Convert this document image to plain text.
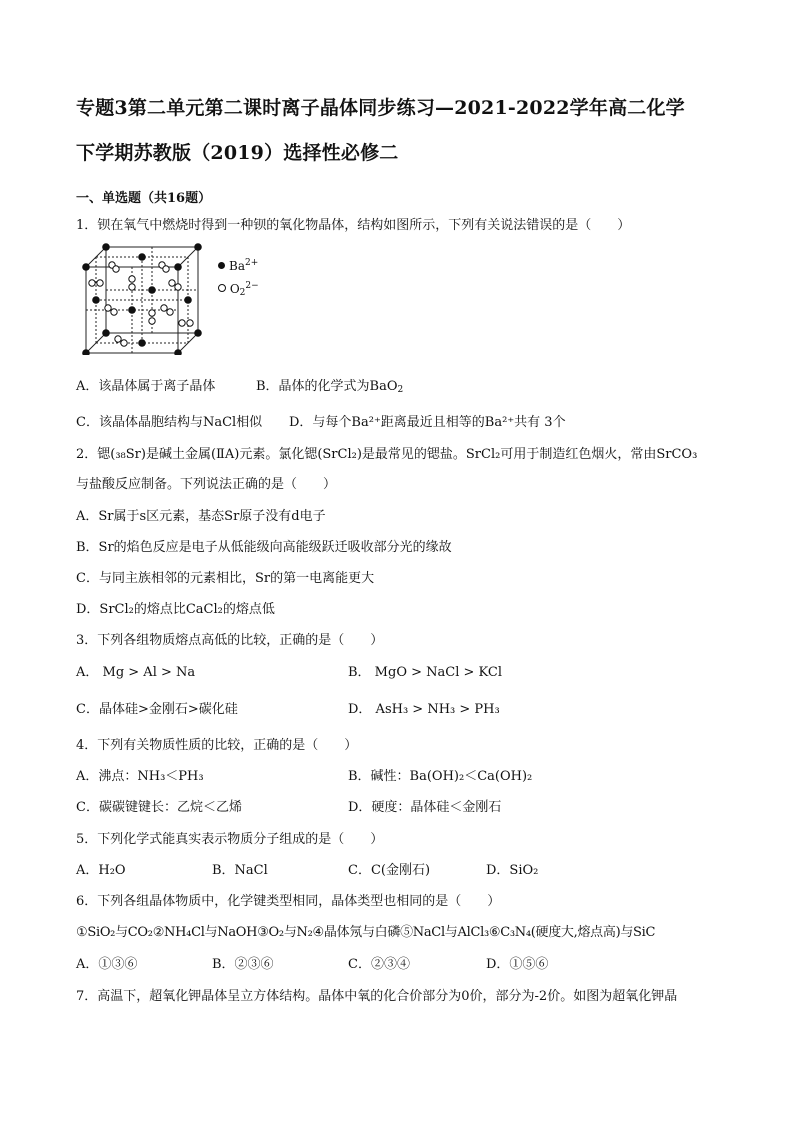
专题3第二单元第二课时离子晶体同步练习—2021-2022学年高二化学
下学期苏教版（2019）选择性必修二
一、单选题（共16题）
1．钡在氧气中燃烧时得到一种钡的氧化物晶体，结构如图所示，下列有关说法错误的是（　　）
$Ba^{2+}$
$O_2^{2-}$
A．该晶体属于离子晶体	B．晶体的化学式为BaO$_2$
C．该晶体晶胞结构与NaCl相似 D．与每个Ba²⁺距离最近且相等的Ba²⁺共有 3个
2．锶(₃₈Sr)是碱土金属(ⅡA)元素。氯化锶(SrCl₂)是最常见的锶盐。SrCl₂可用于制造红色烟火，常由SrCO₃
与盐酸反应制备。下列说法正确的是（　　）
A．Sr属于s区元素，基态Sr原子没有d电子
B．Sr的焰色反应是电子从低能级向高能级跃迁吸收部分光的缘故
C．与同主族相邻的元素相比，Sr的第一电离能更大
D．SrCl₂的熔点比CaCl₂的熔点低
3．下列各组物质熔点高低的比较，正确的是（　　）
A． Mg > Al > Na	B． MgO > NaCl > KCl
C．晶体硅>金刚石>碳化硅	D． AsH₃ > NH₃ > PH₃
4．下列有关物质性质的比较，正确的是（　　）
A．沸点：NH₃＜PH₃	B．碱性：Ba(OH)₂＜Ca(OH)₂
C．碳碳键键长：乙烷＜乙烯	D．硬度：晶体硅＜金刚石
5．下列化学式能真实表示物质分子组成的是（　　）
A．H₂O	B．NaCl	C．C(金刚石)	D．SiO₂
6．下列各组晶体物质中，化学键类型相同，晶体类型也相同的是（　　）
①SiO₂与CO₂②NH₄Cl与NaOH③O₂与N₂④晶体氖与白磷⑤NaCl与AlCl₃⑥C₃N₄(硬度大,熔点高)与SiC
A．①③⑥	B．②③⑥	C．②③④	D．①⑤⑥
7．高温下，超氧化钾晶体呈立方体结构。晶体中氧的化合价部分为0价，部分为-2价。如图为超氧化钾晶
